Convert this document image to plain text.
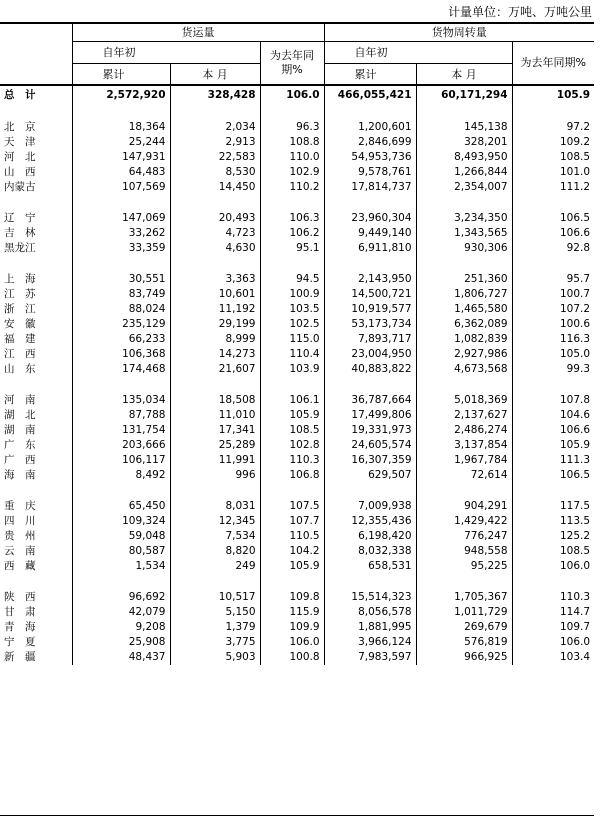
计量单位：万吨、万吨公里
	货运量			货物周转量		
	自年初		为去年同期%	自年初		为去年同期%
	累计	本 月		累计	本 月	
总　计	2,572,920	328,428	106.0	466,055,421	60,171,294	105.9

北　京	18,364	2,034	96.3	1,200,601	145,138	97.2
天　津	25,244	2,913	108.8	2,846,699	328,201	109.2
河　北	147,931	22,583	110.0	54,953,736	8,493,950	108.5
山　西	64,483	8,530	102.9	9,578,761	1,266,844	101.0
内蒙古	107,569	14,450	110.2	17,814,737	2,354,007	111.2

辽　宁	147,069	20,493	106.3	23,960,304	3,234,350	106.5
吉　林	33,262	4,723	106.2	9,449,140	1,343,565	106.6
黑龙江	33,359	4,630	95.1	6,911,810	930,306	92.8

上　海	30,551	3,363	94.5	2,143,950	251,360	95.7
江　苏	83,749	10,601	100.9	14,500,721	1,806,727	100.7
浙　江	88,024	11,192	103.5	10,919,577	1,465,580	107.2
安　徽	235,129	29,199	102.5	53,173,734	6,362,089	100.6
福　建	66,233	8,999	115.0	7,893,717	1,082,839	116.3
江　西	106,368	14,273	110.4	23,004,950	2,927,986	105.0
山　东	174,468	21,607	103.9	40,883,822	4,673,568	99.3

河　南	135,034	18,508	106.1	36,787,664	5,018,369	107.8
湖　北	87,788	11,010	105.9	17,499,806	2,137,627	104.6
湖　南	131,754	17,341	108.5	19,331,973	2,486,274	106.6
广　东	203,666	25,289	102.8	24,605,574	3,137,854	105.9
广　西	106,117	11,991	110.3	16,307,359	1,967,784	111.3
海　南	8,492	996	106.8	629,507	72,614	106.5

重　庆	65,450	8,031	107.5	7,009,938	904,291	117.5
四　川	109,324	12,345	107.7	12,355,436	1,429,422	113.5
贵　州	59,048	7,534	110.5	6,198,420	776,247	125.2
云　南	80,587	8,820	104.2	8,032,338	948,558	108.5
西　藏	1,534	249	105.9	658,531	95,225	106.0

陕　西	96,692	10,517	109.8	15,514,323	1,705,367	110.3
甘　肃	42,079	5,150	115.9	8,056,578	1,011,729	114.7
青　海	9,208	1,379	109.9	1,881,995	269,679	109.7
宁　夏	25,908	3,775	106.0	3,966,124	576,819	106.0
新　疆	48,437	5,903	100.8	7,983,597	966,925	103.4
